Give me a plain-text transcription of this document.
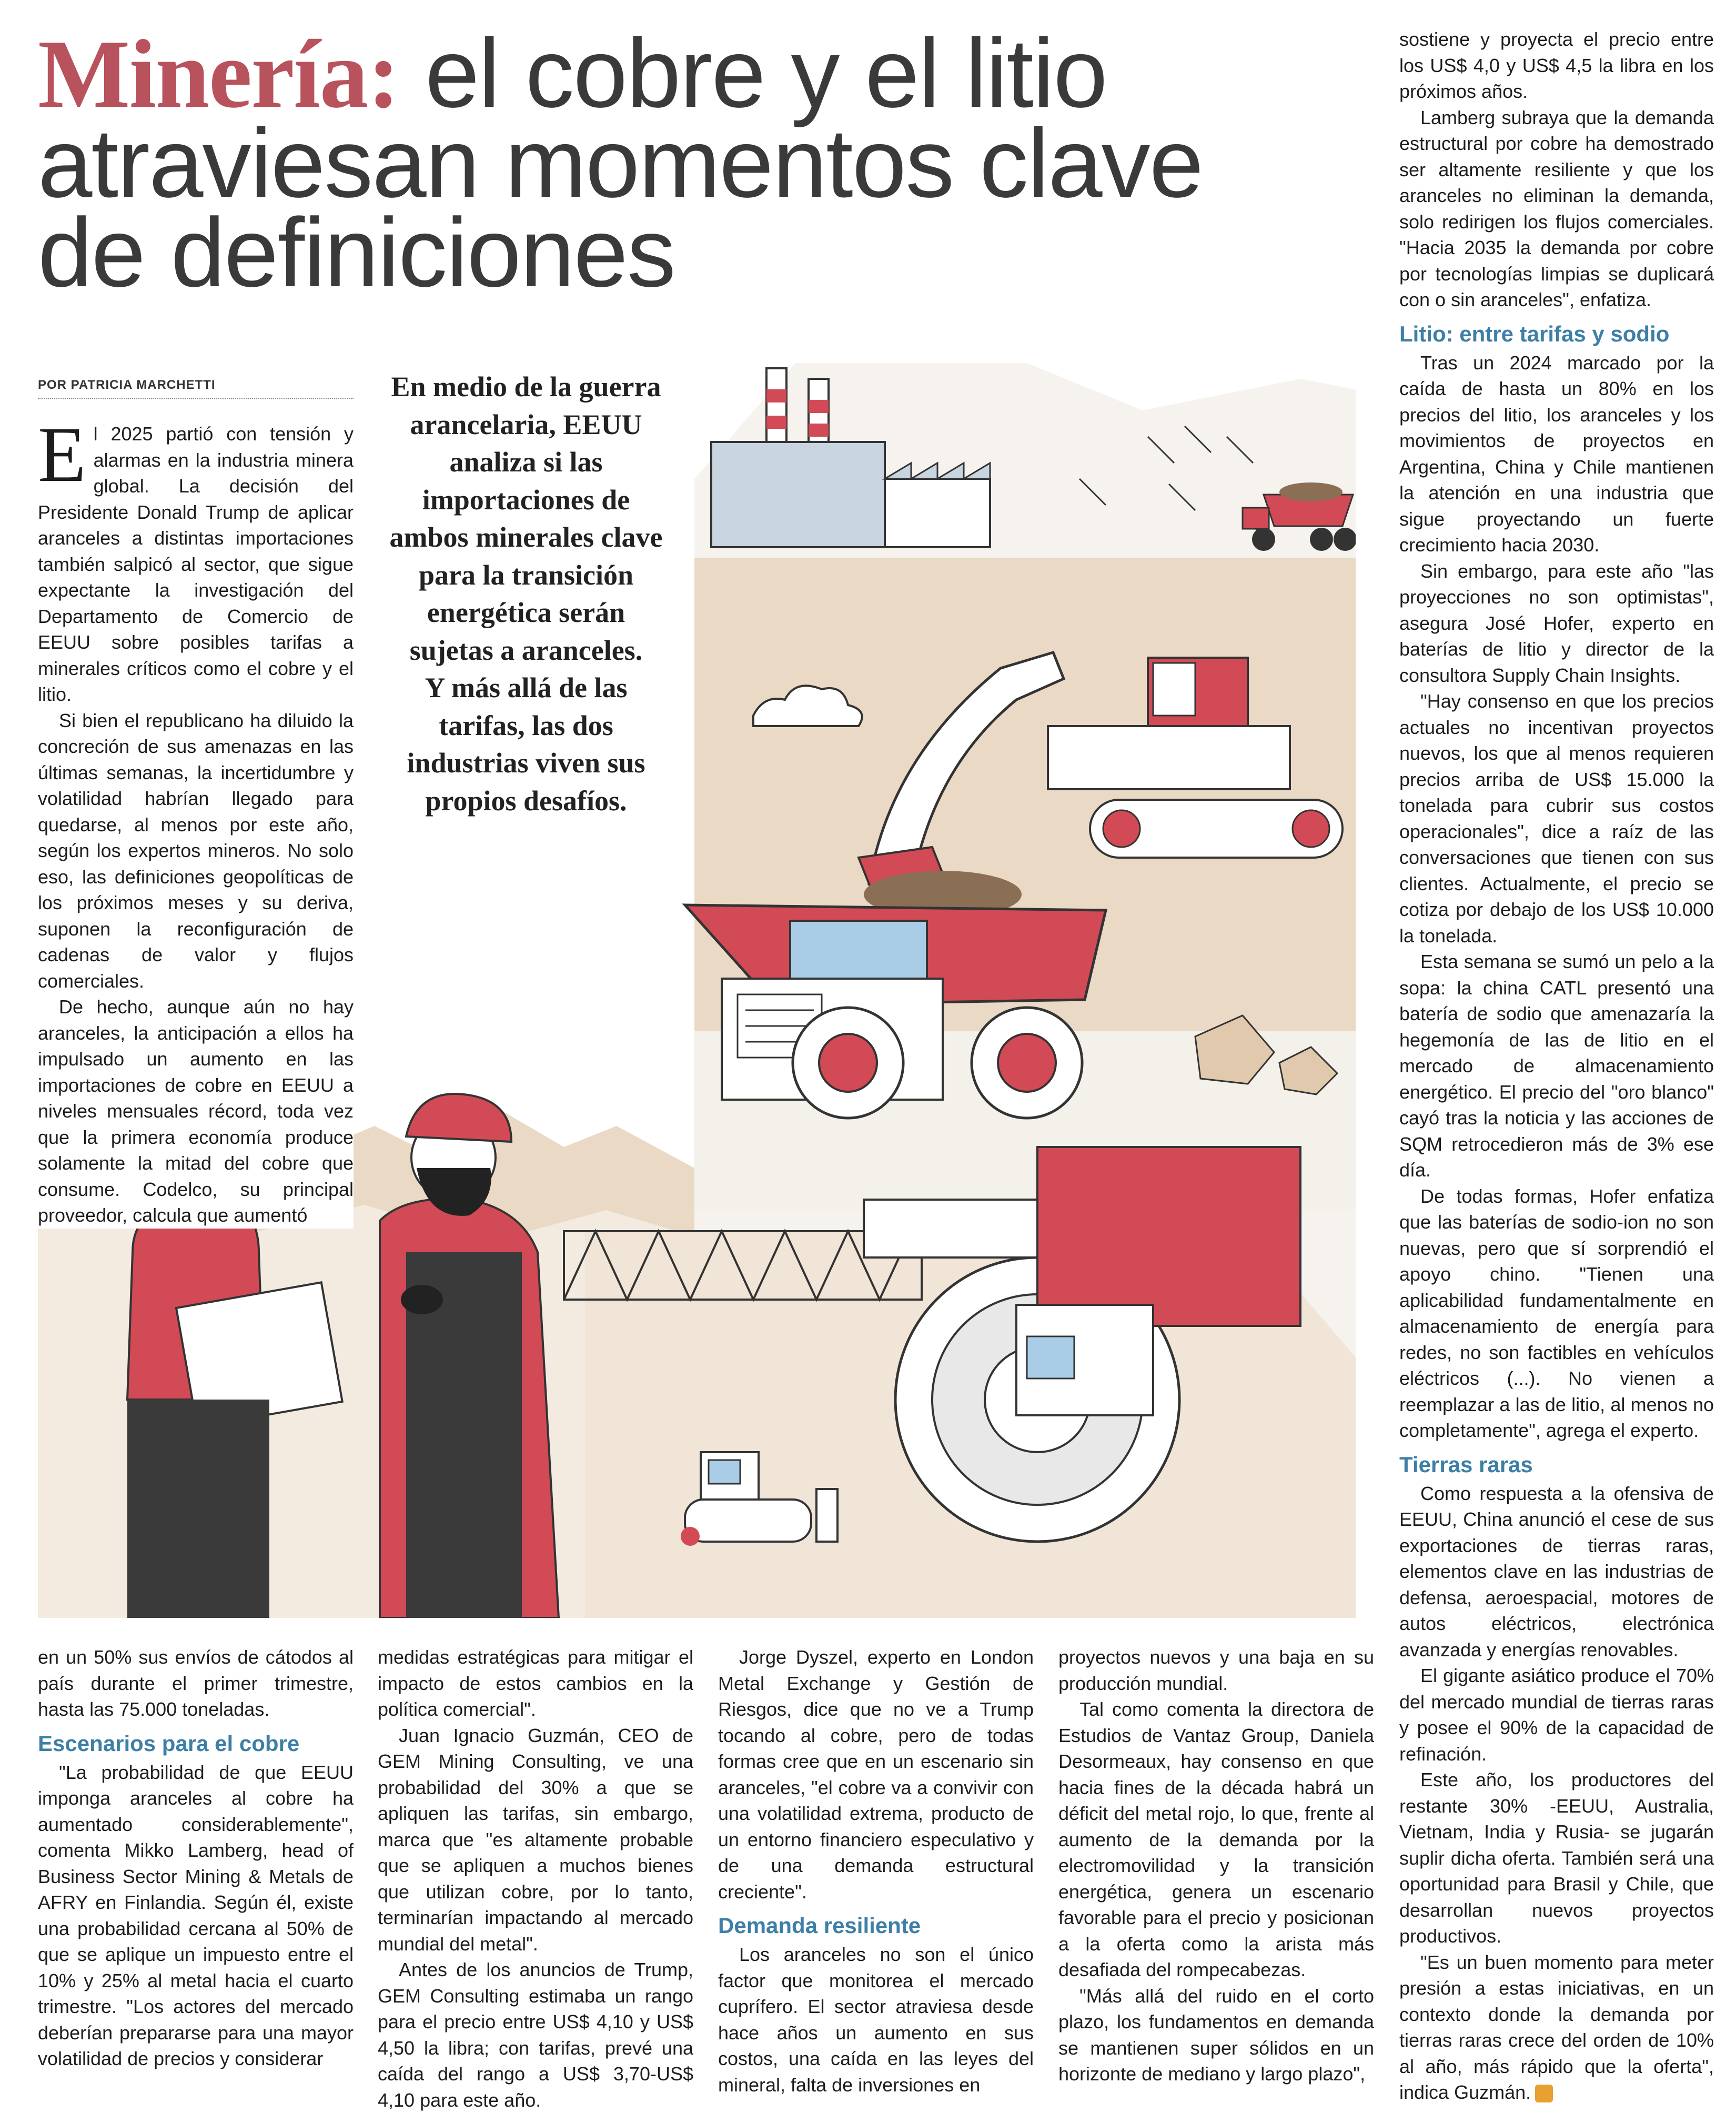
Minería: el cobre y el litio atraviesan momentos clave de definiciones
POR PATRICIA MARCHETTI	En medio de la guerra arancelaria, EEUU analiza si las importaciones de ambos minerales clave para la transición energética serán sujetas a aranceles.

Y más allá de las tarifas, las dos industrias viven sus propios desafíos.

El 2025 partió con tensión y alarmas en la industria minera global. La decisión del Presidente Donald Trump de aplicar aranceles a distintas importaciones también salpicó al sector, que sigue expectante la investigación del Departamento de Comercio de EEUU sobre posibles tarifas a minerales críticos como el cobre y el litio.

Si bien el republicano ha diluido la concreción de sus amenazas en las últimas semanas, la incertidumbre y volatilidad habrían llegado para quedarse, al menos por este año, según los expertos mineros. No solo eso, las definiciones geopolíticas de los próximos meses y su deriva, suponen la reconfiguración de cadenas de valor y flujos comerciales.

De hecho, aunque aún no hay aranceles, la anticipación a ellos ha impulsado un aumento en las importaciones de cobre en EEUU a niveles mensuales récord, toda vez que la primera economía produce solamente la mitad del cobre que consume. Codelco, su principal proveedor, calcula que aumentó

en un 50% sus envíos de cátodos al país durante el primer trimestre, hasta las 75.000 toneladas.

Escenarios para el cobre

"La probabilidad de que EEUU imponga aranceles al cobre ha aumentado considerablemente", comenta Mikko Lamberg, head of Business Sector Mining & Metals de AFRY en Finlandia. Según él, existe una probabilidad cercana al 50% de que se aplique un impuesto entre el 10% y 25% al metal hacia el cuarto trimestre. "Los actores del mercado deberían prepararse para una mayor volatilidad de precios y considerar

medidas estratégicas para mitigar el impacto de estos cambios en la política comercial".

Juan Ignacio Guzmán, CEO de GEM Mining Consulting, ve una probabilidad del 30% a que se apliquen las tarifas, sin embargo, marca que "es altamente probable que se apliquen a muchos bienes que utilizan cobre, por lo tanto, terminarían impactando al mercado mundial del metal".

Antes de los anuncios de Trump, GEM Consulting estimaba un rango para el precio entre US$ 4,10 y US$ 4,50 la libra; con tarifas, prevé una caída del rango a US$ 3,70-US$ 4,10 para este año.

Jorge Dyszel, experto en London Metal Exchange y Gestión de Riesgos, dice que no ve a Trump tocando al cobre, pero de todas formas cree que en un escenario sin aranceles, "el cobre va a convivir con una volatilidad extrema, producto de un entorno financiero especulativo y de una demanda estructural creciente".

Demanda resiliente

Los aranceles no son el único factor que monitorea el mercado cuprífero. El sector atraviesa desde hace años un aumento en sus costos, una caída en las leyes del mineral, falta de inversiones en

proyectos nuevos y una baja en su producción mundial.

Tal como comenta la directora de Estudios de Vantaz Group, Daniela Desormeaux, hay consenso en que hacia fines de la década habrá un déficit del metal rojo, lo que, frente al aumento de la demanda por la electromovilidad y la transición energética, genera un escenario favorable para el precio y posicionan a la oferta como la arista más desafiada del rompecabezas.

"Más allá del ruido en el corto plazo, los fundamentos en demanda se mantienen super sólidos en un horizonte de mediano y largo plazo",

sostiene y proyecta el precio entre los US$ 4,0 y US$ 4,5 la libra en los próximos años.

Lamberg subraya que la demanda estructural por cobre ha demostrado ser altamente resiliente y que los aranceles no eliminan la demanda, solo redirigen los flujos comerciales. "Hacia 2035 la demanda por cobre por tecnologías limpias se duplicará con o sin aranceles", enfatiza.

Litio: entre tarifas y sodio

Tras un 2024 marcado por la caída de hasta un 80% en los precios del litio, los aranceles y los movimientos de proyectos en Argentina, China y Chile mantienen la atención en una industria que sigue proyectando un fuerte crecimiento hacia 2030.

Sin embargo, para este año "las proyecciones no son optimistas", asegura José Hofer, experto en baterías de litio y director de la consultora Supply Chain Insights.

"Hay consenso en que los precios actuales no incentivan proyectos nuevos, los que al menos requieren precios arriba de US$ 15.000 la tonelada para cubrir sus costos operacionales", dice a raíz de las conversaciones que tienen con sus clientes. Actualmente, el precio se cotiza por debajo de los US$ 10.000 la tonelada.

Esta semana se sumó un pelo a la sopa: la china CATL presentó una batería de sodio que amenazaría la hegemonía de las de litio en el mercado de almacenamiento energético. El precio del "oro blanco" cayó tras la noticia y las acciones de SQM retrocedieron más de 3% ese día.

De todas formas, Hofer enfatiza que las baterías de sodio-ion no son nuevas, pero que sí sorprendió el apoyo chino. "Tienen una aplicabilidad fundamentalmente en almacenamiento de energía para redes, no son factibles en vehículos eléctricos (...). No vienen a reemplazar a las de litio, al menos no completamente", agrega el experto.

Tierras raras

Como respuesta a la ofensiva de EEUU, China anunció el cese de sus exportaciones de tierras raras, elementos clave en las industrias de defensa, aeroespacial, motores de autos eléctricos, electrónica avanzada y energías renovables.

El gigante asiático produce el 70% del mercado mundial de tierras raras y posee el 90% de la capacidad de refinación.

Este año, los productores del restante 30% -EEUU, Australia, Vietnam, India y Rusia- se jugarán suplir dicha oferta. También será una oportunidad para Brasil y Chile, que desarrollan nuevos proyectos productivos.

"Es un buen momento para meter presión a estas iniciativas, en un contexto donde la demanda por tierras raras crece del orden de 10% al año, más rápido que la oferta", indica Guzmán.
